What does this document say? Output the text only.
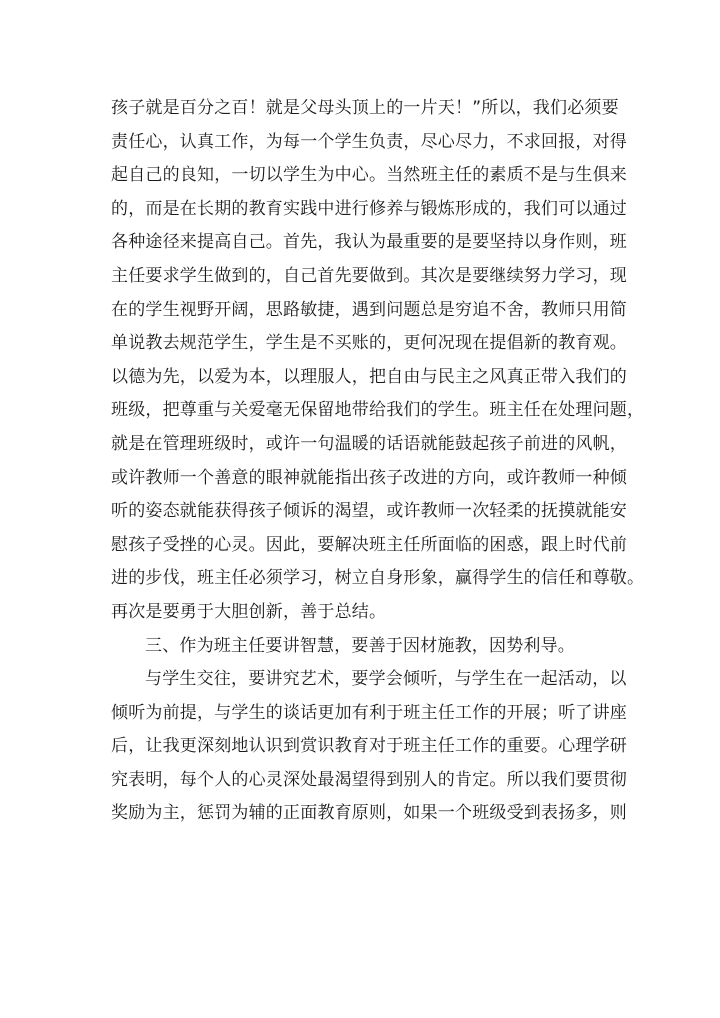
孩子就是百分之百！就是父母头顶上的一片天！”所以，我们必须要
责任心，认真工作，为每一个学生负责，尽心尽力，不求回报，对得
起自己的良知，一切以学生为中心。当然班主任的素质不是与生俱来
的，而是在长期的教育实践中进行修养与锻炼形成的，我们可以通过
各种途径来提高自己。首先，我认为最重要的是要坚持以身作则，班
主任要求学生做到的，自己首先要做到。其次是要继续努力学习，现
在的学生视野开阔，思路敏捷，遇到问题总是穷追不舍，教师只用简
单说教去规范学生，学生是不买账的，更何况现在提倡新的教育观。
以德为先，以爱为本，以理服人，把自由与民主之风真正带入我们的
班级，把尊重与关爱毫无保留地带给我们的学生。班主任在处理问题，
就是在管理班级时，或许一句温暖的话语就能鼓起孩子前进的风帆，
或许教师一个善意的眼神就能指出孩子改进的方向，或许教师一种倾
听的姿态就能获得孩子倾诉的渴望，或许教师一次轻柔的抚摸就能安
慰孩子受挫的心灵。因此，要解决班主任所面临的困惑，跟上时代前
进的步伐，班主任必须学习，树立自身形象，赢得学生的信任和尊敬。
再次是要勇于大胆创新，善于总结。
三、作为班主任要讲智慧，要善于因材施教，因势利导。
与学生交往，要讲究艺术，要学会倾听，与学生在一起活动，以
倾听为前提，与学生的谈话更加有利于班主任工作的开展；听了讲座
后，让我更深刻地认识到赏识教育对于班主任工作的重要。心理学研
究表明，每个人的心灵深处最渴望得到别人的肯定。所以我们要贯彻
奖励为主，惩罚为辅的正面教育原则，如果一个班级受到表扬多，则
